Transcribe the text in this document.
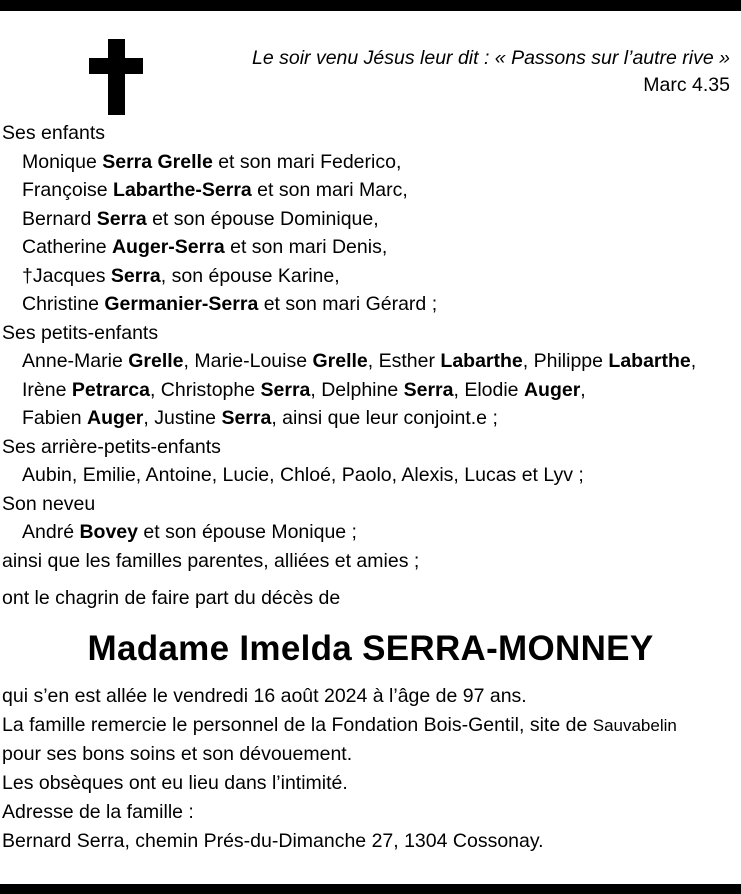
Le soir venu Jésus leur dit : « Passons sur l’autre rive »
Marc 4.35
Ses enfants
Monique Serra Grelle et son mari Federico,
Françoise Labarthe-Serra et son mari Marc,
Bernard Serra et son épouse Dominique,
Catherine Auger-Serra et son mari Denis,
†Jacques Serra, son épouse Karine,
Christine Germanier-Serra et son mari Gérard ;
Ses petits-enfants
Anne-Marie Grelle, Marie-Louise Grelle, Esther Labarthe, Philippe Labarthe,
Irène Petrarca, Christophe Serra, Delphine Serra, Elodie Auger,
Fabien Auger, Justine Serra, ainsi que leur conjoint.e ;
Ses arrière-petits-enfants
Aubin, Emilie, Antoine, Lucie, Chloé, Paolo, Alexis, Lucas et Lyv ;
Son neveu
André Bovey et son épouse Monique ;
ainsi que les familles parentes, alliées et amies ;
ont le chagrin de faire part du décès de
Madame Imelda SERRA-MONNEY
qui s’en est allée le vendredi 16 août 2024 à l’âge de 97 ans.
La famille remercie le personnel de la Fondation Bois-Gentil, site de Sauvabelin
pour ses bons soins et son dévouement.
Les obsèques ont eu lieu dans l’intimité.
Adresse de la famille :
Bernard Serra, chemin Prés-du-Dimanche 27, 1304 Cossonay.
